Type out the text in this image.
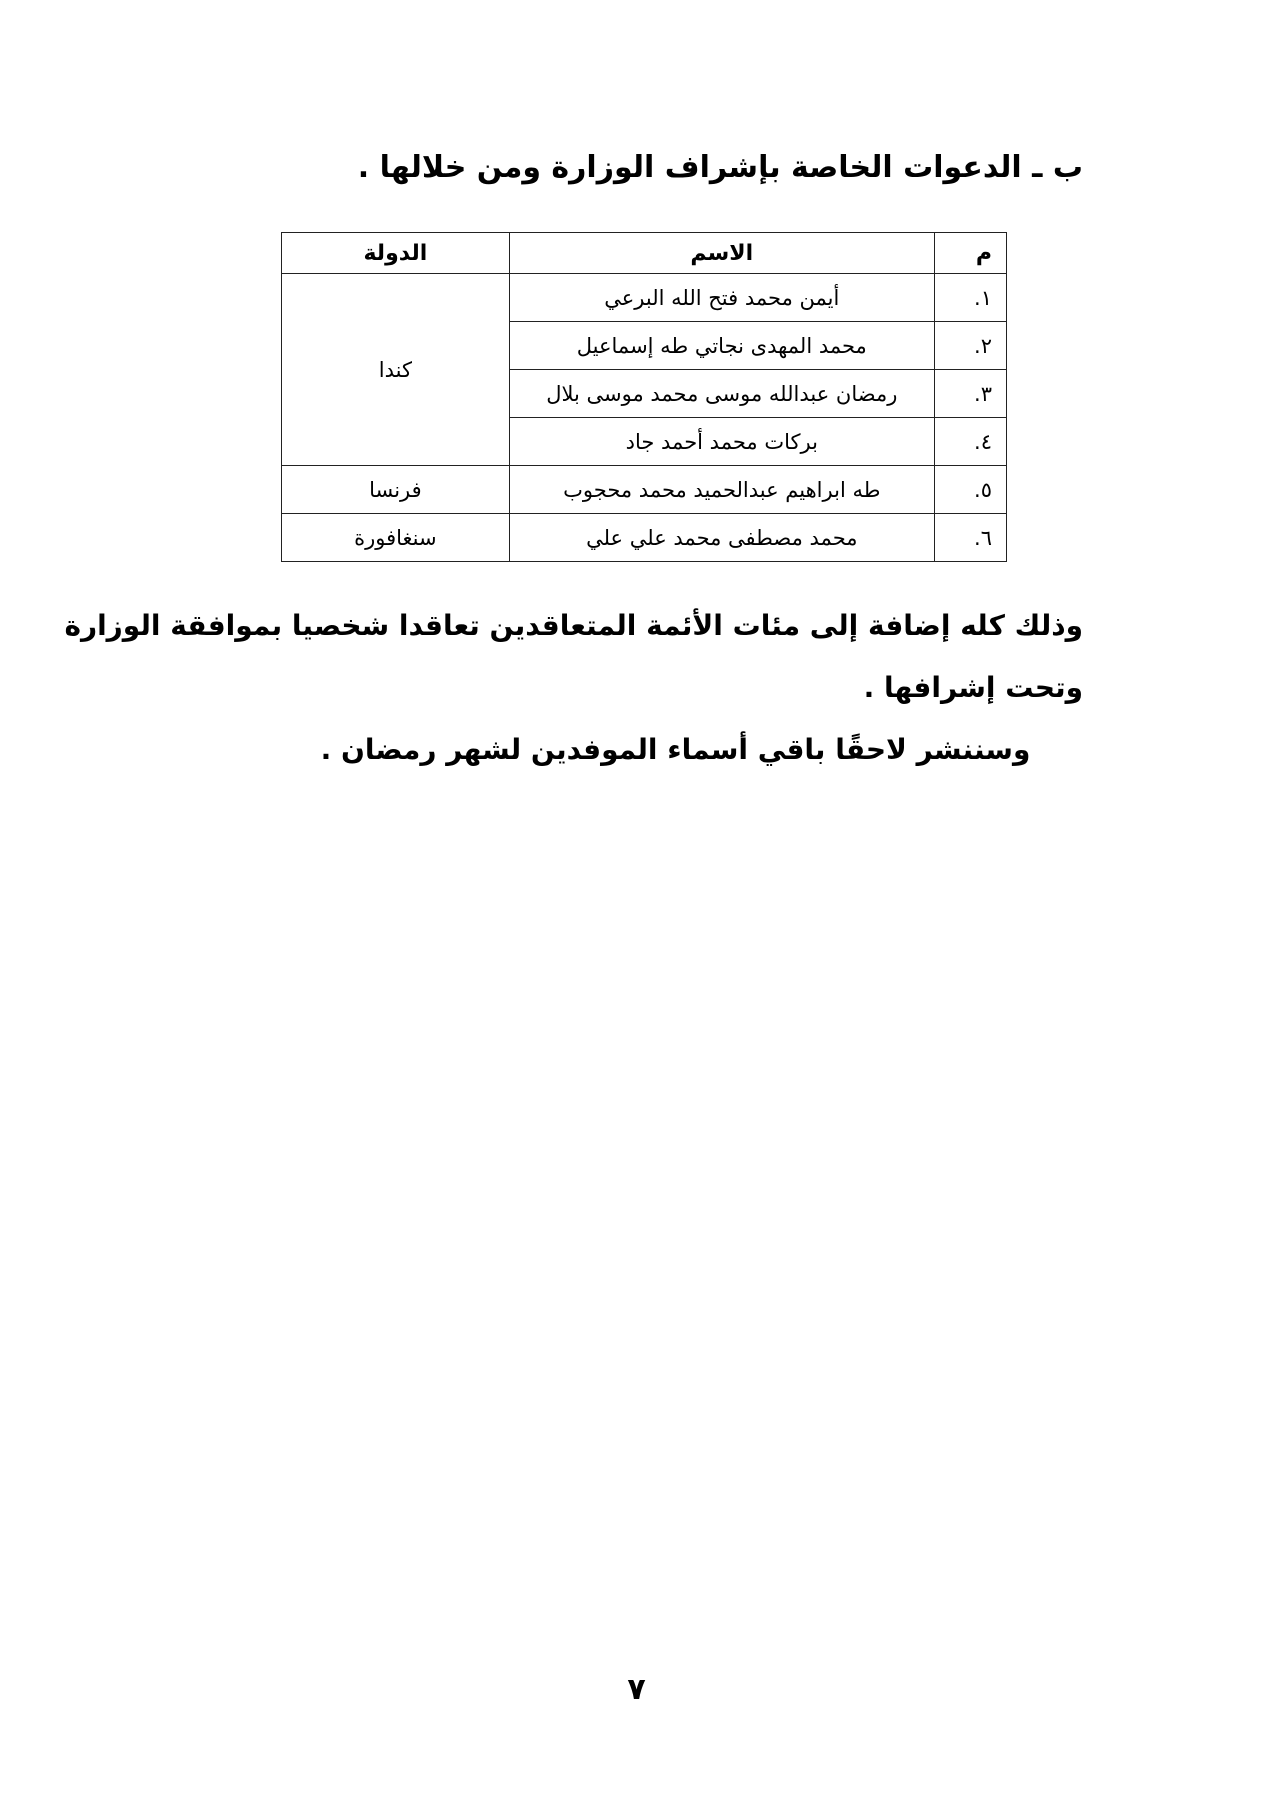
ب ـ الدعوات الخاصة بإشراف الوزارة ومن خلالها .
م	الاسم	الدولة
١.	أيمن محمد فتح الله البرعي	كندا
٢.	محمد المهدى نجاتي طه إسماعيل	
٣.	رمضان عبدالله موسى محمد موسى بلال	
٤.	بركات محمد أحمد جاد	
٥.	طه ابراهيم عبدالحميد محمد محجوب	فرنسا
٦.	محمد مصطفى محمد علي علي	سنغافورة
وذلك كله إضافة إلى مئات الأئمة المتعاقدين تعاقدا شخصيا بموافقة الوزارة
وتحت إشرافها .
وسننشر لاحقًا باقي أسماء الموفدين لشهر رمضان .
٧
